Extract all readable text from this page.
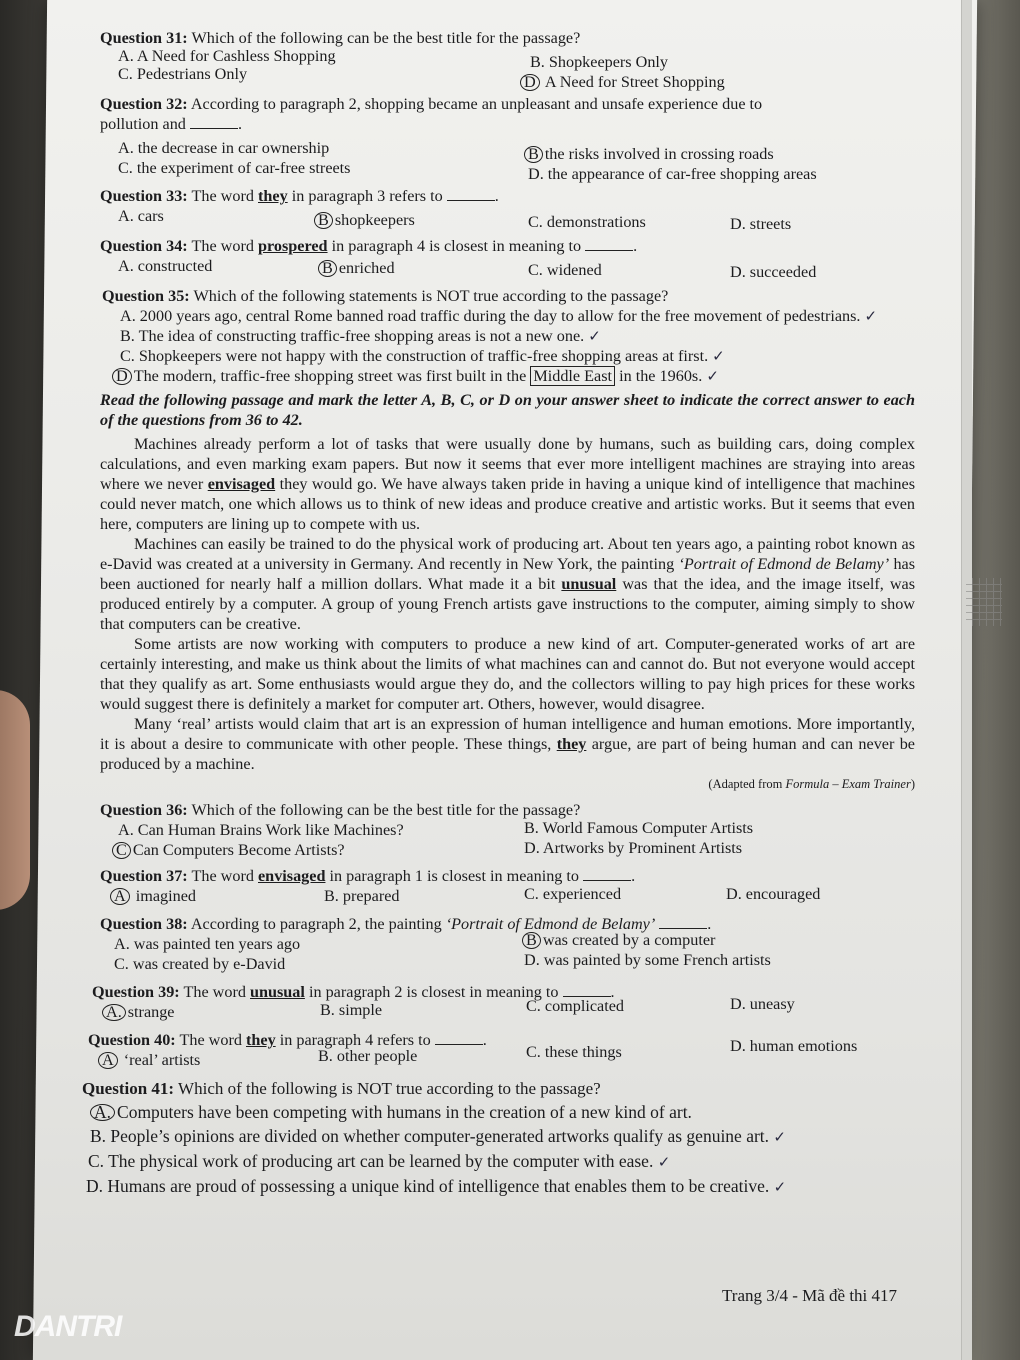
Question 31: Which of the following can be the best title for the passage?

A. A Need for Cashless Shopping	B. Shopkeepers Only
C. Pedestrians Only	D A Need for Street Shopping

Question 32: According to paragraph 2, shopping became an unpleasant and unsafe experience due to
pollution and	.

A. the decrease in car ownership	B the risks involved in crossing roads
C. the experiment of car-free streets	D. the appearance of car-free shopping areas

Question 33: The word they in paragraph 3 refers to	.

A. cars	B shopkeepers	C. demonstrations	D. streets

Question 34: The word prospered in paragraph 4 is closest in meaning to	.

A. constructed	B enriched	C. widened	D. succeeded

Question 35: Which of the following statements is NOT true according to the passage?

A. 2000 years ago, central Rome banned road traffic during the day to allow for the free movement of pedestrians. ✓

B. The idea of constructing traffic-free shopping areas is not a new one. ✓

C. Shopkeepers were not happy with the construction of traffic-free shopping areas at first. ✓

D The modern, traffic-free shopping street was first built in the Middle East in the 1960s. ✓

Read the following passage and mark the letter A, B, C, or D on your answer sheet to indicate the correct answer to each of the questions from 36 to 42.

Machines already perform a lot of tasks that were usually done by humans, such as building cars, doing complex calculations, and even marking exam papers. But now it seems that ever more intelligent machines are straying into areas where we never envisaged they would go. We have always taken pride in having a unique kind of intelligence that machines could never match, one which allows us to think of new ideas and produce creative and artistic works. But it seems that even here, computers are lining up to compete with us.

Machines can easily be trained to do the physical work of producing art. About ten years ago, a painting robot known as e-David was created at a university in Germany. And recently in New York, the painting ‘Portrait of Edmond de Belamy’ has been auctioned for nearly half a million dollars. What made it a bit unusual was that the idea, and the image itself, was produced entirely by a computer. A group of young French artists gave instructions to the computer, aiming simply to show that computers can be creative.

Some artists are now working with computers to produce a new kind of art. Computer-generated works of art are certainly interesting, and make us think about the limits of what machines can and cannot do. But not everyone would accept that they qualify as art. Some enthusiasts would argue they do, and the collectors willing to pay high prices for these works would suggest there is definitely a market for computer art. Others, however, would disagree.

Many ‘real’ artists would claim that art is an expression of human intelligence and human emotions. More importantly, it is about a desire to communicate with other people. These things, they argue, are part of being human and can never be produced by a machine.

(Adapted from Formula – Exam Trainer)

Question 36: Which of the following can be the best title for the passage?

A. Can Human Brains Work like Machines?	B. World Famous Computer Artists
C Can Computers Become Artists?	D. Artworks by Prominent Artists

Question 37: The word envisaged in paragraph 1 is closest in meaning to	.

A imagined	B. prepared	C. experienced	D. encouraged

Question 38: According to paragraph 2, the painting ‘Portrait of Edmond de Belamy’	.

A. was painted ten years ago	B was created by a computer
C. was created by e-David	D. was painted by some French artists

Question 39: The word unusual in paragraph 2 is closest in meaning to	.

A. strange	B. simple	C. complicated	D. uneasy

Question 40: The word they in paragraph 4 refers to	.

A ‘real’ artists	B. other people	C. these things	D. human emotions

Question 41: Which of the following is NOT true according to the passage?

A. Computers have been competing with humans in the creation of a new kind of art.

B. People’s opinions are divided on whether computer-generated artworks qualify as genuine art. ✓

C. The physical work of producing art can be learned by the computer with ease. ✓

D. Humans are proud of possessing a unique kind of intelligence that enables them to be creative. ✓

Trang 3/4 - Mã đề thi 417
DANTRI
